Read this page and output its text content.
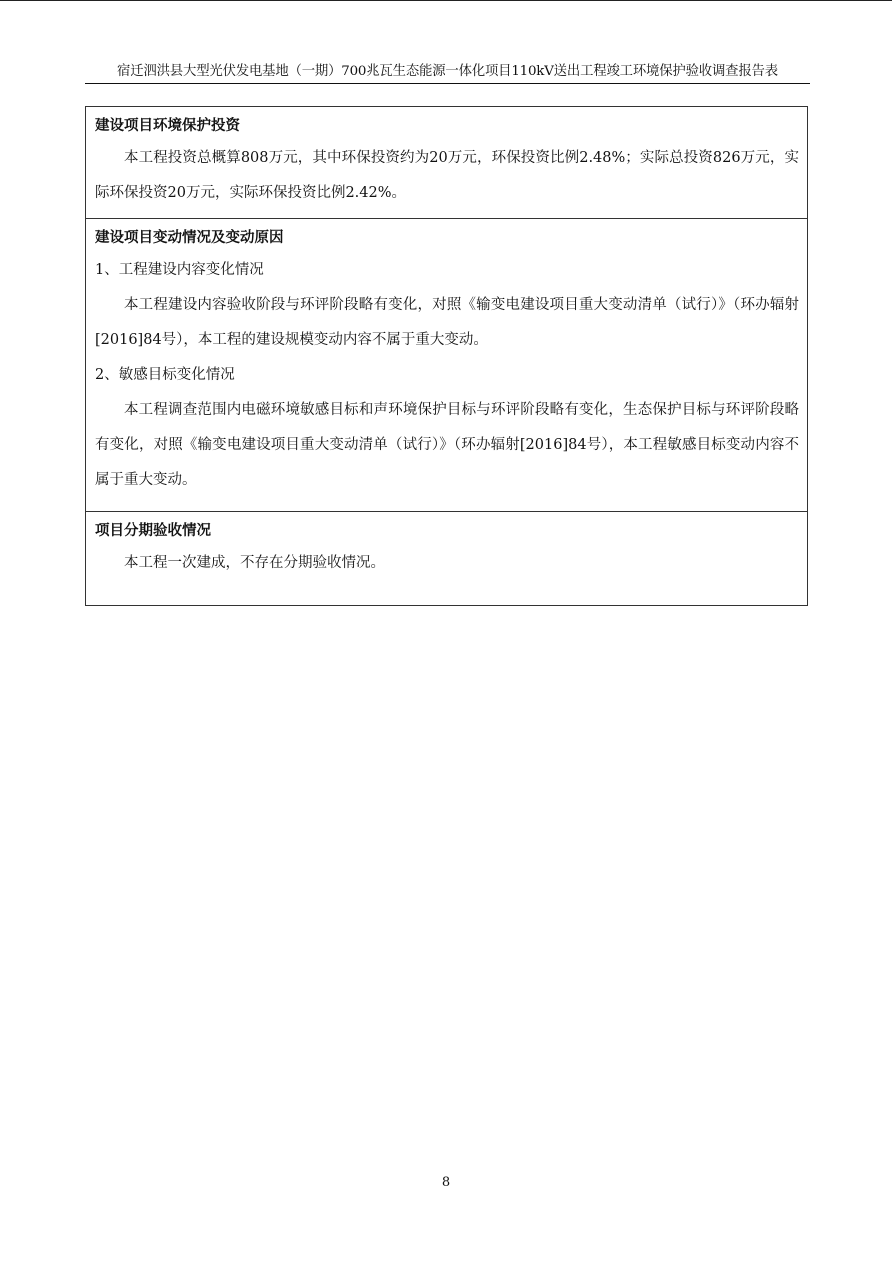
宿迁泗洪县大型光伏发电基地（一期）700兆瓦生态能源一体化项目110kV送出工程竣工环境保护验收调查报告表

建设项目环境保护投资

本工程投资总概算808万元，其中环保投资约为20万元，环保投资比例2.48%；实际总投资826万元，实际环保投资20万元，实际环保投资比例2.42%。

建设项目变动情况及变动原因

1、工程建设内容变化情况

本工程建设内容验收阶段与环评阶段略有变化，对照《输变电建设项目重大变动清单（试行）》（环办辐射[2016]84号），本工程的建设规模变动内容不属于重大变动。

2、敏感目标变化情况

本工程调查范围内电磁环境敏感目标和声环境保护目标与环评阶段略有变化，生态保护目标与环评阶段略有变化，对照《输变电建设项目重大变动清单（试行）》（环办辐射[2016]84号），本工程敏感目标变动内容不属于重大变动。

项目分期验收情况

本工程一次建成，不存在分期验收情况。

8
